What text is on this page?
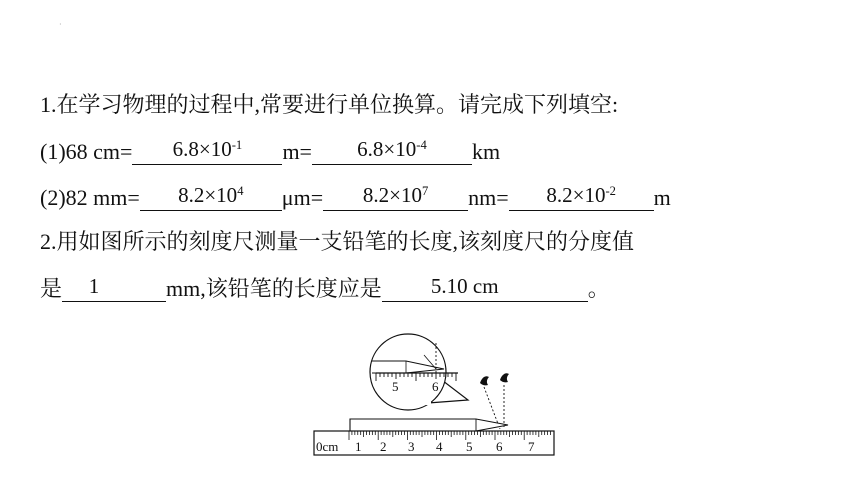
·
1.在学习物理的过程中,常要进行单位换算。请完成下列填空:
(1)68 cm=	$6.8\times 10^{-1}$	m=	$6.8\times 10^{-4}$	km
(2)82 mm=	$8.2\times 10^4$	μm=	$8.2\times 10^7$	nm=	$8.2\times 10^{-2}$	m
2.用如图所示的刻度尺测量一支铅笔的长度,该刻度尺的分度值
是	1	mm,该铅笔的长度应是	5.10 cm	。
5	6
0cm 1 2 3 4 5 6 7
